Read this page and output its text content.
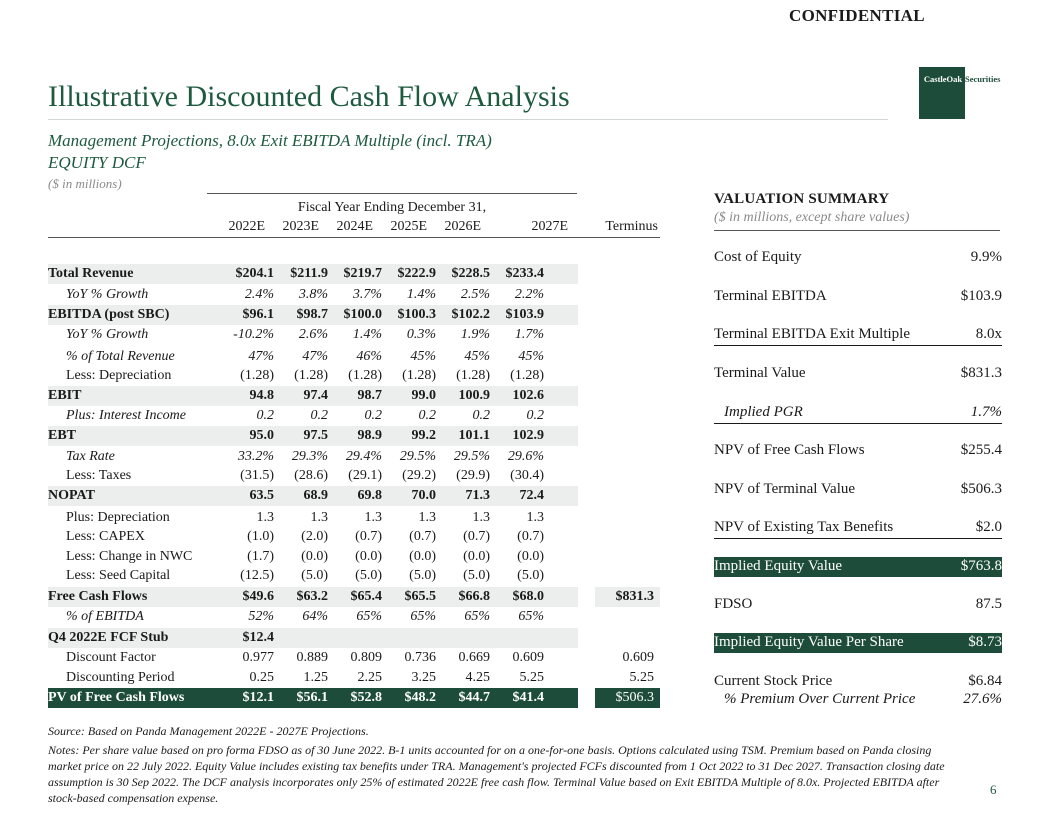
CONFIDENTIAL
CastleOak Securities
Illustrative Discounted Cash Flow Analysis
Management Projections, 8.0x Exit EBITDA Multiple (incl. TRA)
EQUITY DCF
($ in millions)
Fiscal Year Ending December 31,
2022E	2023E	2024E	2025E	2026E	2027E	Terminus
Total Revenue	$204.1	$211.9	$219.7	$222.9	$228.5	$233.4
YoY % Growth	2.4%	3.8%	3.7%	1.4%	2.5%	2.2%
EBITDA (post SBC)	$96.1	$98.7	$100.0	$100.3	$102.2	$103.9
YoY % Growth	-10.2%	2.6%	1.4%	0.3%	1.9%	1.7%
% of Total Revenue	47%	47%	46%	45%	45%	45%
Less: Depreciation	(1.28)	(1.28)	(1.28)	(1.28)	(1.28)	(1.28)
EBIT	94.8	97.4	98.7	99.0	100.9	102.6
Plus: Interest Income	0.2	0.2	0.2	0.2	0.2	0.2
EBT	95.0	97.5	98.9	99.2	101.1	102.9
Tax Rate	33.2%	29.3%	29.4%	29.5%	29.5%	29.6%
Less: Taxes	(31.5)	(28.6)	(29.1)	(29.2)	(29.9)	(30.4)
NOPAT	63.5	68.9	69.8	70.0	71.3	72.4
Plus: Depreciation	1.3	1.3	1.3	1.3	1.3	1.3
Less: CAPEX	(1.0)	(2.0)	(0.7)	(0.7)	(0.7)	(0.7)
Less: Change in NWC	(1.7)	(0.0)	(0.0)	(0.0)	(0.0)	(0.0)
Less: Seed Capital	(12.5)	(5.0)	(5.0)	(5.0)	(5.0)	(5.0)
Free Cash Flows	$49.6	$63.2	$65.4	$65.5	$66.8	$68.0	$831.3
% of EBITDA	52%	64%	65%	65%	65%	65%
Q4 2022E FCF Stub	$12.4
Discount Factor	0.977	0.889	0.809	0.736	0.669	0.609	0.609
Discounting Period	0.25	1.25	2.25	3.25	4.25	5.25	5.25
PV of Free Cash Flows	$12.1	$56.1	$52.8	$48.2	$44.7	$41.4	$506.3
VALUATION SUMMARY
($ in millions, except share values)
Cost of Equity	9.9%
Terminal EBITDA	$103.9
Terminal EBITDA Exit Multiple	8.0x
Terminal Value	$831.3
Implied PGR	1.7%
NPV of Free Cash Flows	$255.4
NPV of Terminal Value	$506.3
NPV of Existing Tax Benefits	$2.0
Implied Equity Value	$763.8
FDSO	87.5
Implied Equity Value Per Share	$8.73
Current Stock Price	$6.84
% Premium Over Current Price	27.6%
Source: Based on Panda Management 2022E - 2027E Projections.
Notes: Per share value based on pro forma FDSO as of 30 June 2022. B-1 units accounted for on a one-for-one basis. Options calculated using TSM. Premium based on Panda closing market price on 22 July 2022. Equity Value includes existing tax benefits under TRA. Management's projected FCFs discounted from 1 Oct 2022 to 31 Dec 2027. Transaction closing date assumption is 30 Sep 2022. The DCF analysis incorporates only 25% of estimated 2022E free cash flow. Terminal Value based on Exit EBITDA Multiple of 8.0x. Projected EBITDA after stock-based compensation expense.
6
